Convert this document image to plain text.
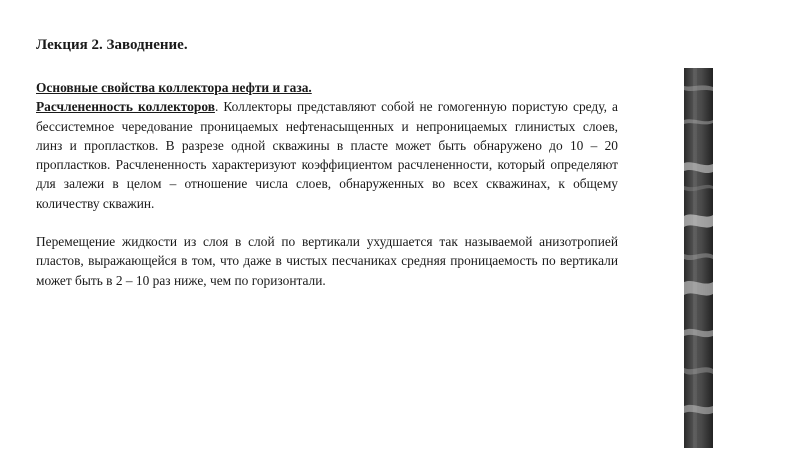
Лекция 2. Заводнение.

Основные свойства коллектора нефти и газа.

Расчлененность коллекторов. Коллекторы представляют собой не гомогенную пористую среду, а бессистемное чередование проницаемых нефтенасыщенных и непроницаемых глинистых слоев, линз и пропластков. В разрезе одной скважины в пласте может быть обнаружено до 10 – 20 пропластков. Расчлененность характеризуют коэффициентом расчлененности, который определяют для залежи в целом – отношение числа слоев, обнаруженных во всех скважинах, к общему количеству скважин.

Перемещение жидкости из слоя в слой по вертикали ухудшается так называемой анизотропией пластов, выражающейся в том, что даже в чистых песчаниках средняя проницаемость по вертикали может быть в 2 – 10 раз ниже, чем по горизонтали.
